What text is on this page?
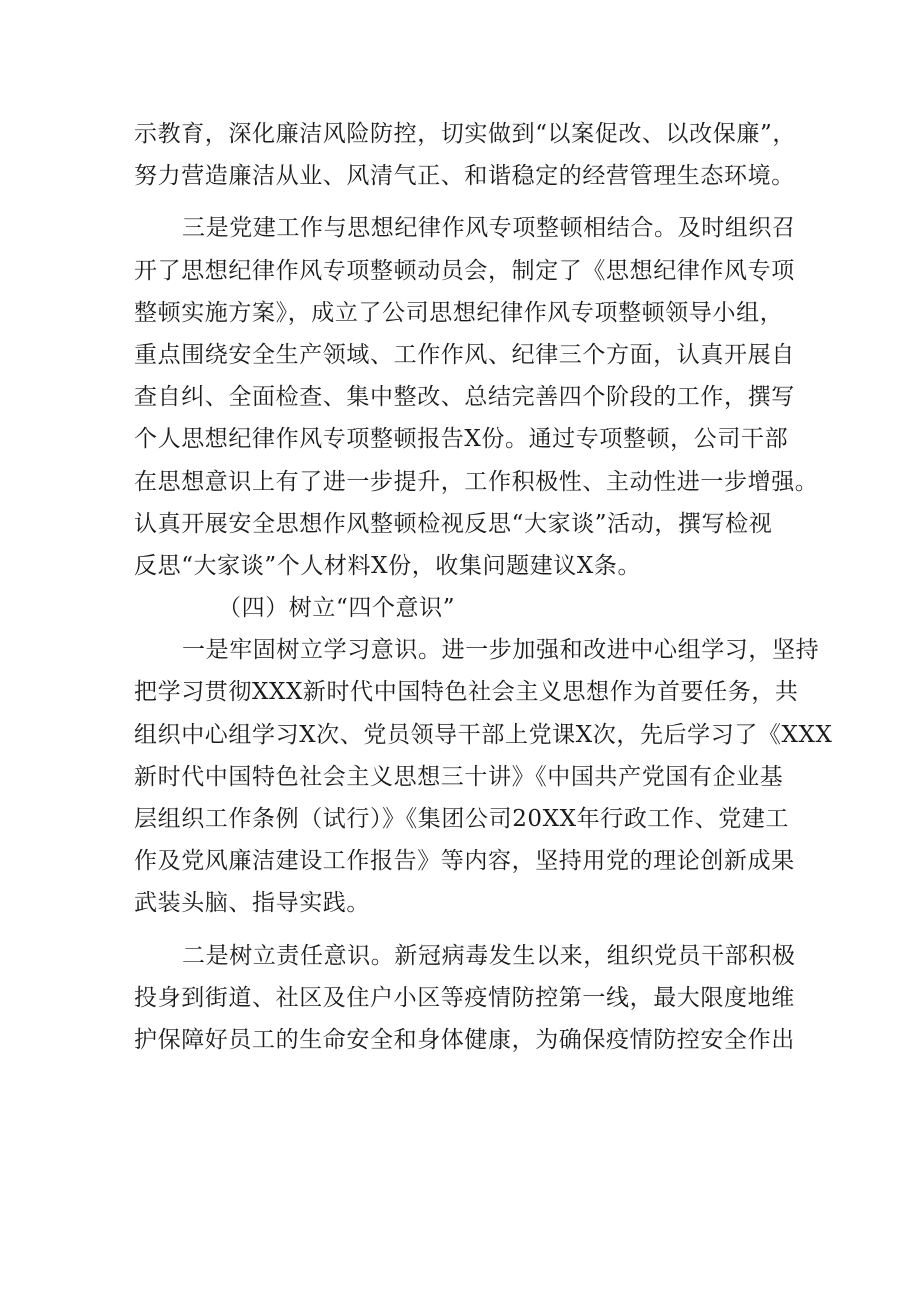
示教育，深化廉洁风险防控，切实做到“以案促改、以改保廉”，
努力营造廉洁从业、风清气正、和谐稳定的经营管理生态环境。
三是党建工作与思想纪律作风专项整顿相结合。及时组织召
开了思想纪律作风专项整顿动员会，制定了《思想纪律作风专项
整顿实施方案》，成立了公司思想纪律作风专项整顿领导小组，
重点围绕安全生产领域、工作作风、纪律三个方面，认真开展自
查自纠、全面检查、集中整改、总结完善四个阶段的工作，撰写
个人思想纪律作风专项整顿报告X份。通过专项整顿，公司干部
在思想意识上有了进一步提升，工作积极性、主动性进一步增强。
认真开展安全思想作风整顿检视反思“大家谈”活动，撰写检视
反思“大家谈”个人材料X份，收集问题建议X条。
（四）树立“四个意识”
一是牢固树立学习意识。进一步加强和改进中心组学习，坚持
把学习贯彻XXX新时代中国特色社会主义思想作为首要任务，共
组织中心组学习X次、党员领导干部上党课X次，先后学习了《XXX
新时代中国特色社会主义思想三十讲》《中国共产党国有企业基
层组织工作条例（试行）》《集团公司20XX年行政工作、党建工
作及党风廉洁建设工作报告》等内容，坚持用党的理论创新成果
武装头脑、指导实践。
二是树立责任意识。新冠病毒发生以来，组织党员干部积极
投身到街道、社区及住户小区等疫情防控第一线，最大限度地维
护保障好员工的生命安全和身体健康，为确保疫情防控安全作出
